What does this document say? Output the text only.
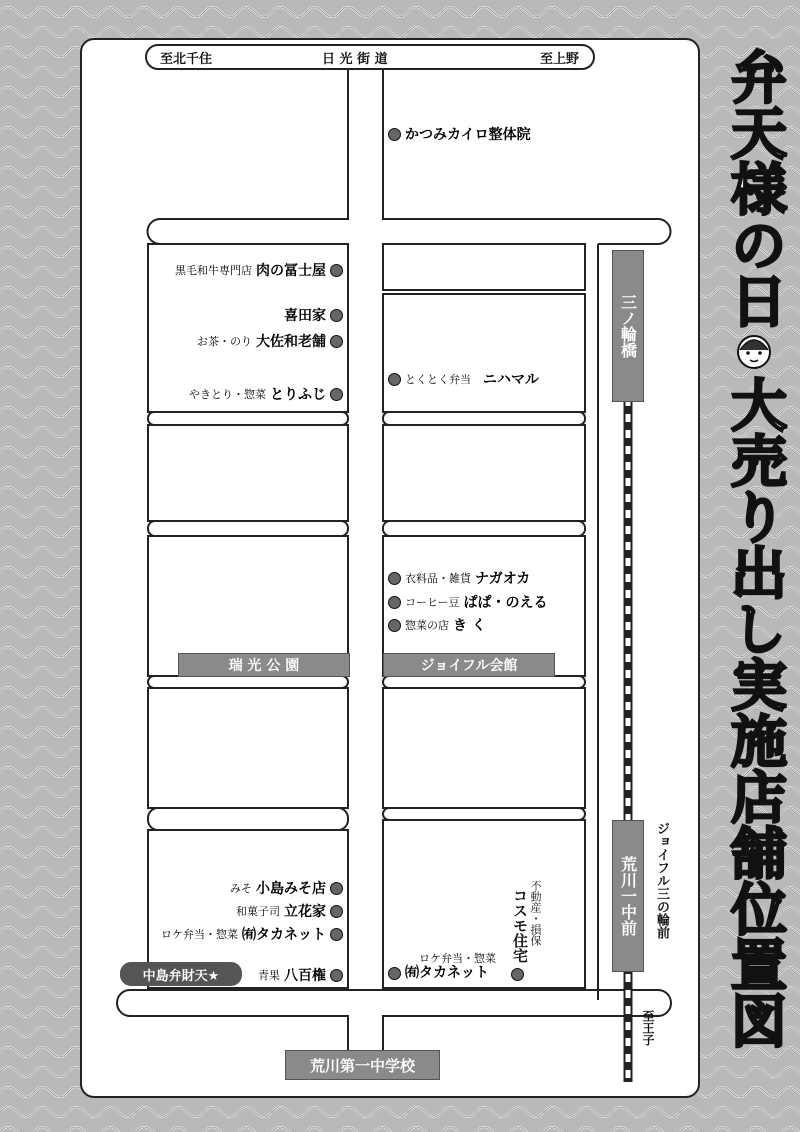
至北千住	日 光 街 道	至上野
三ノ輪橋
荒川一中前	ジョイフル三の輪前
至王子
瑞 光 公 園	ジョイフル会館
荒川第一中学校
中島弁財天★
黒毛和牛専門店 肉の冨士屋
喜田家
お茶・のり 大佐和老舗
やきとり・惣菜 とりふじ
みそ 小島みそ店
和菓子司 立花家
ロケ弁当・惣菜 ㈲タカネット
青果 八百権
かつみカイロ整体院
とくとく弁当 ニハマル
衣料品・雑貨 ナガオカ
コーヒー豆 ぱぱ・のえる
惣菜の店 き く
ロケ弁当・惣菜
㈲タカネット
不動産・損保
コスモ住宅
弁天様の日
大売り出し実施店舗位置図
